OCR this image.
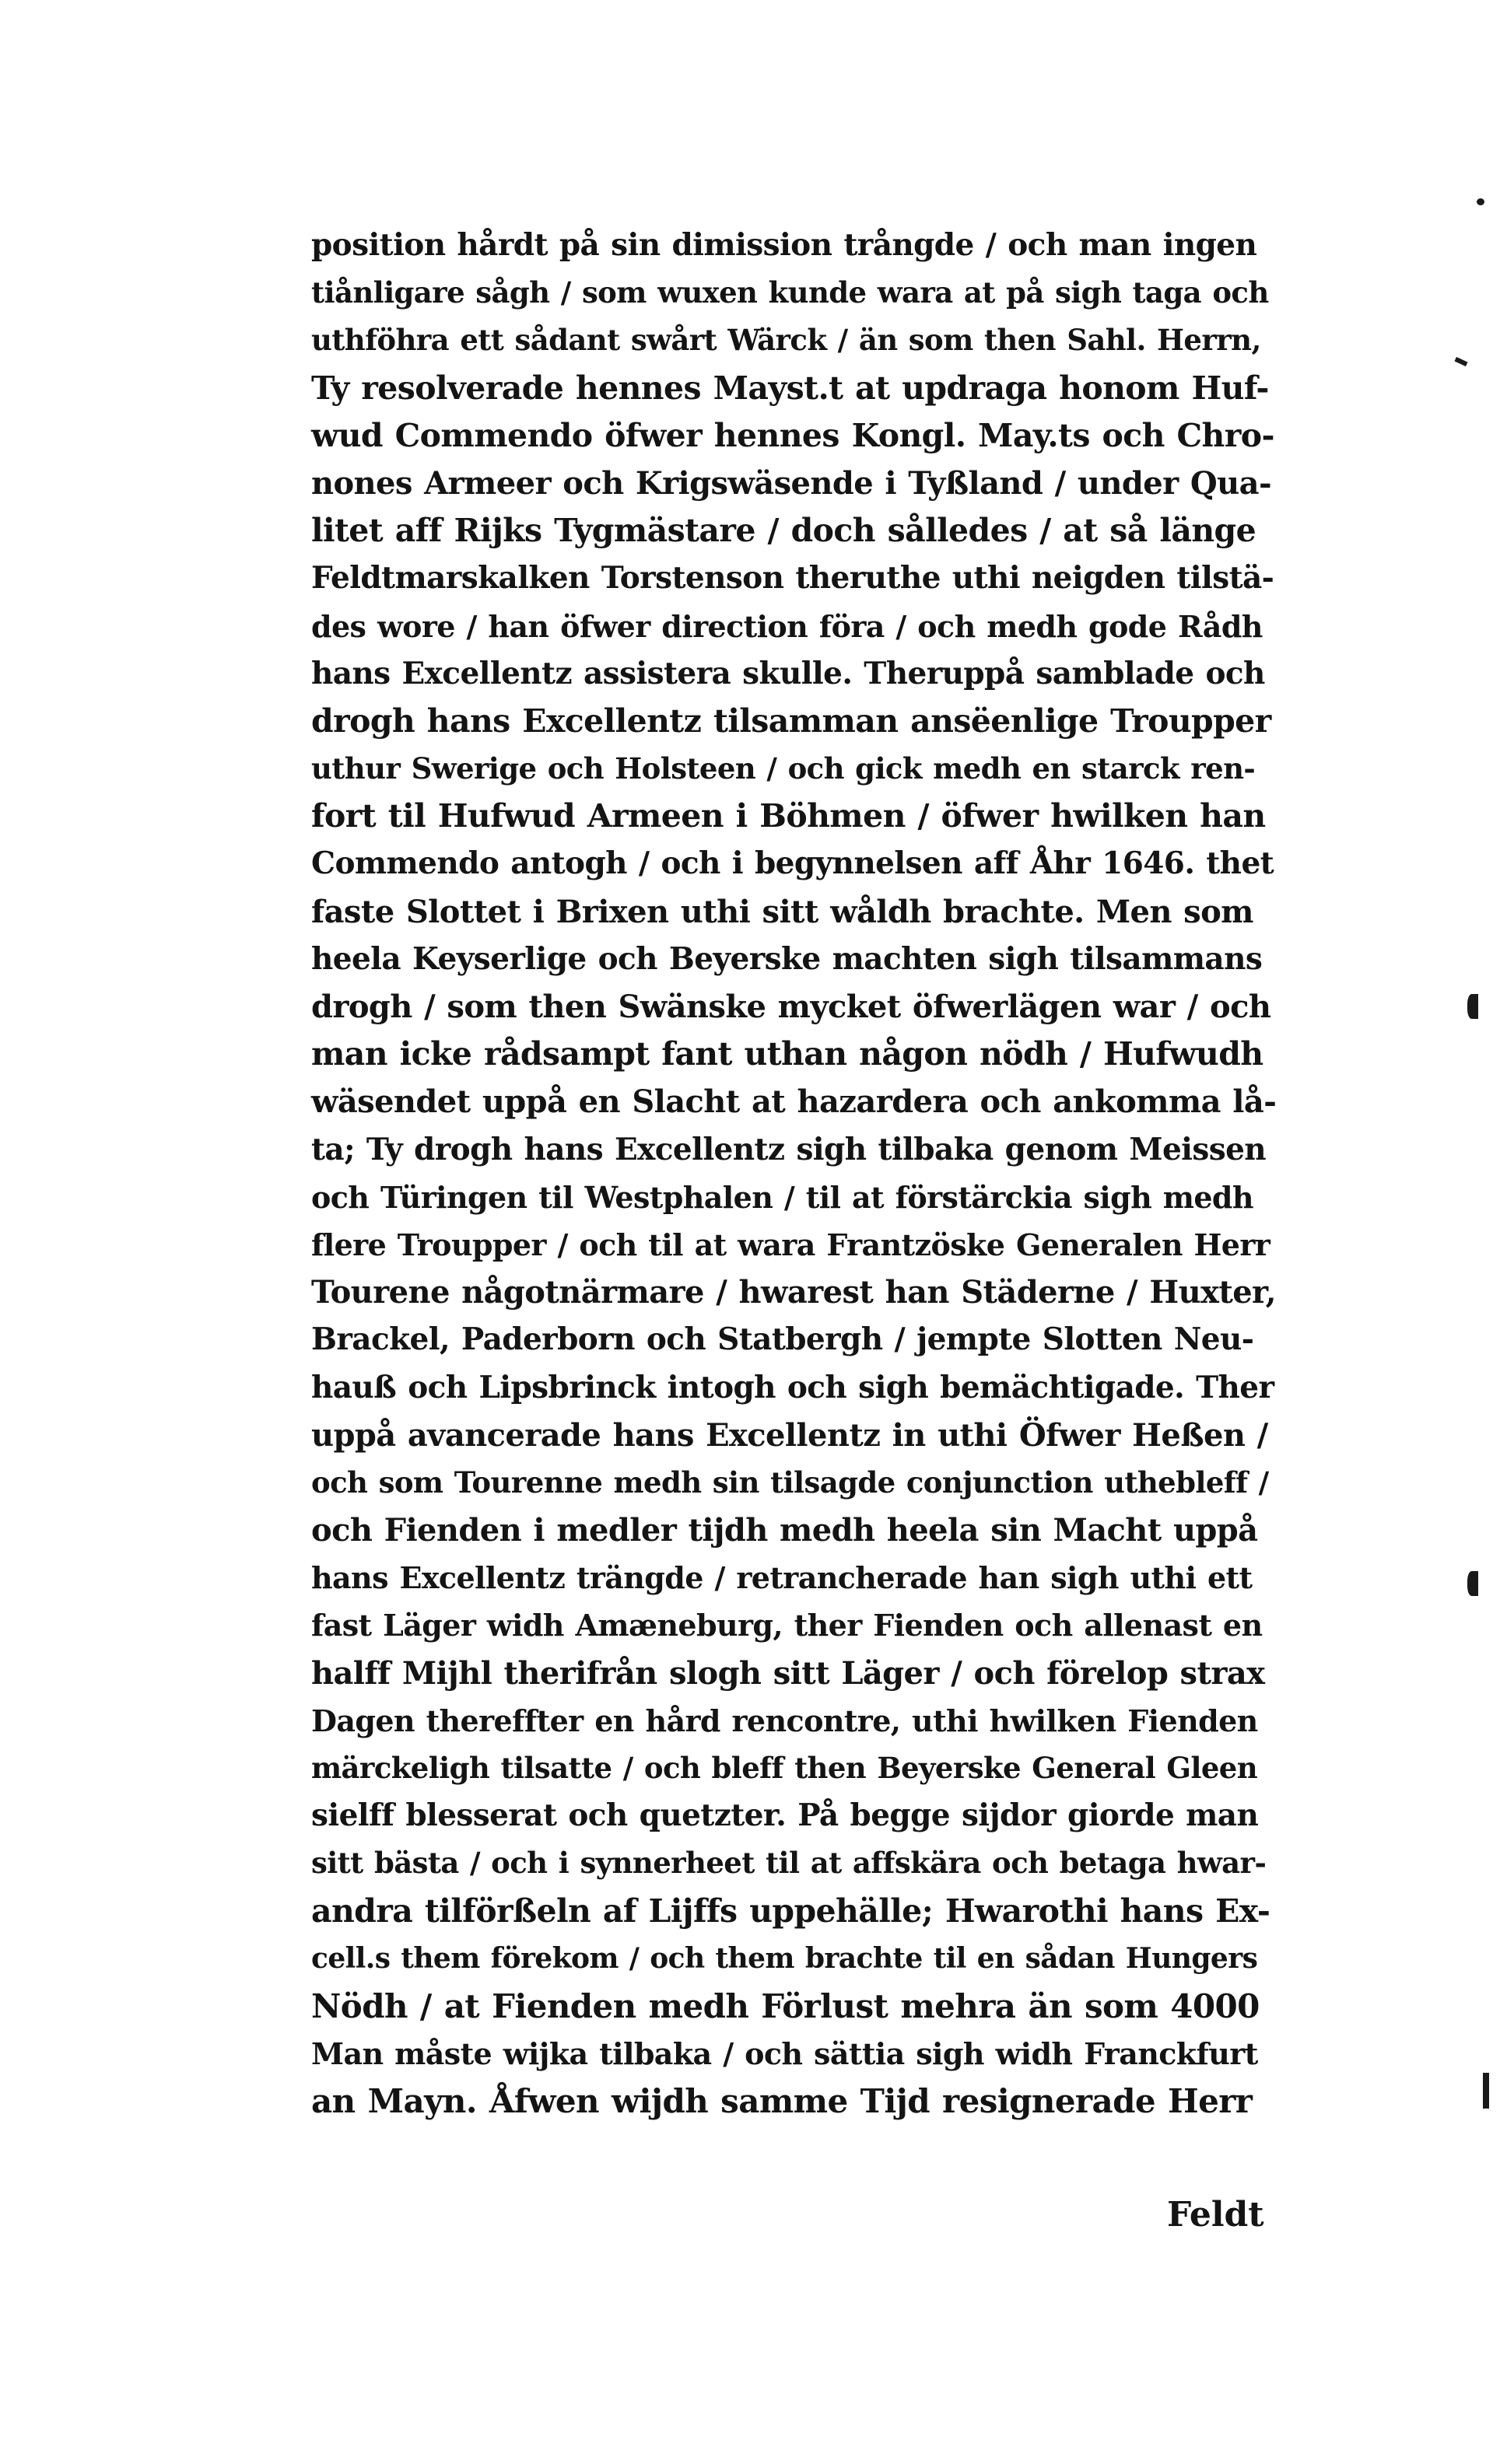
position hårdt på sin dimission trångde / och man ingen
tiånligare sågh / som wuxen kunde wara at på sigh taga och
uthföhra ett sådant swårt Wärck / än som then Sahl. Herrn,
Ty resolverade hennes Mayst.t at updraga honom Huf-
wud Commendo öfwer hennes Kongl. May.ts och Chro-
nones Armeer och Krigswäsende i Tyßland / under Qua-
litet aff Rijks Tygmästare / doch sålledes / at så länge
Feldtmarskalken Torstenson theruthe uthi neigden tilstä-
des wore / han öfwer direction föra / och medh gode Rådh
hans Excellentz assistera skulle. Theruppå samblade och
drogh hans Excellentz tilsamman ansëenlige Troupper
uthur Swerige och Holsteen / och gick medh en starck ren-
fort til Hufwud Armeen i Böhmen / öfwer hwilken han
Commendo antogh / och i begynnelsen aff Åhr 1646. thet
faste Slottet i Brixen uthi sitt wåldh brachte. Men som
heela Keyserlige och Beyerske machten sigh tilsammans
drogh / som then Swänske mycket öfwerlägen war / och
man icke rådsampt fant uthan någon nödh / Hufwudh
wäsendet uppå en Slacht at hazardera och ankomma lå-
ta; Ty drogh hans Excellentz sigh tilbaka genom Meissen
och Türingen til Westphalen / til at förstärckia sigh medh
flere Troupper / och til at wara Frantzöske Generalen Herr
Tourene någotnärmare / hwarest han Städerne / Huxter,
Brackel, Paderborn och Statbergh / jempte Slotten Neu-
hauß och Lipsbrinck intogh och sigh bemächtigade. Ther
uppå avancerade hans Excellentz in uthi Öfwer Heßen /
och som Tourenne medh sin tilsagde conjunction uthebleff /
och Fienden i medler tijdh medh heela sin Macht uppå
hans Excellentz trängde / retrancherade han sigh uthi ett
fast Läger widh Amæneburg, ther Fienden och allenast en
halff Mijhl therifrån slogh sitt Läger / och förelop strax
Dagen thereffter en hård rencontre, uthi hwilken Fienden
märckeligh tilsatte / och bleff then Beyerske General Gleen
sielff blesserat och quetzter. På begge sijdor giorde man
sitt bästa / och i synnerheet til at affskära och betaga hwar-
andra tilförßeln af Lijffs uppehälle; Hwarothi hans Ex-
cell.s them förekom / och them brachte til en sådan Hungers
Nödh / at Fienden medh Förlust mehra än som 4000
Man måste wijka tilbaka / och sättia sigh widh Franckfurt
an Mayn. Åfwen wijdh samme Tijd resignerade Herr
Feldt
